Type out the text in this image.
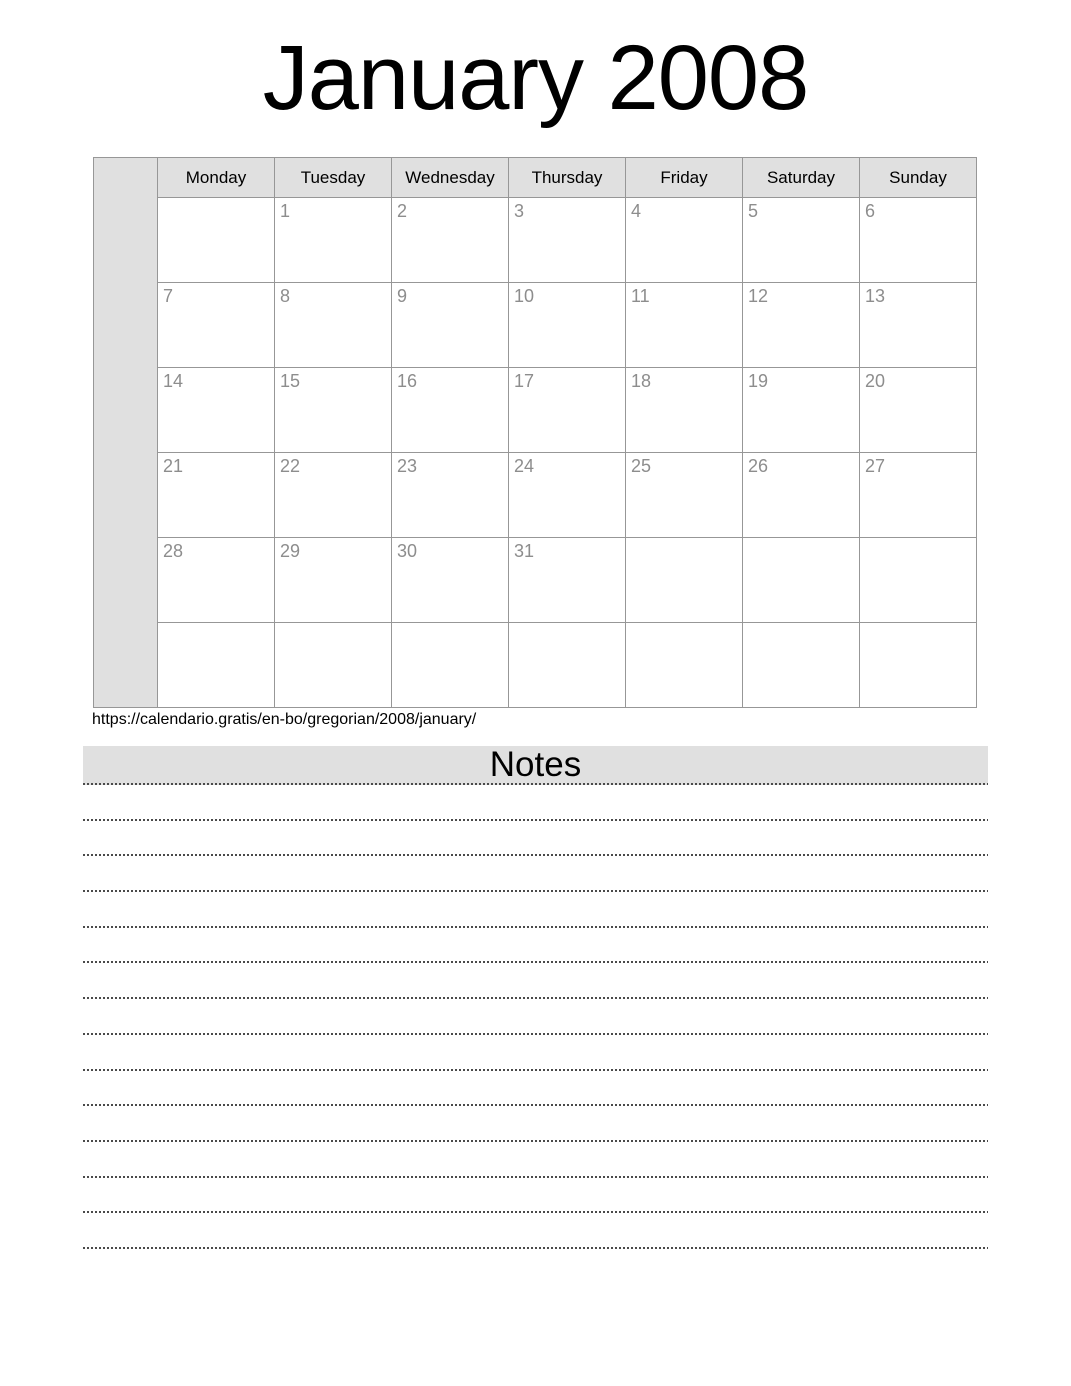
January 2008
	Monday	Tuesday	Wednesday	Thursday	Friday	Saturday	Sunday
		1	2	3	4	5	6
	7	8	9	10	11	12	13
	14	15	16	17	18	19	20
	21	22	23	24	25	26	27
	28	29	30	31			

https://calendario.gratis/en-bo/gregorian/2008/january/
Notes
